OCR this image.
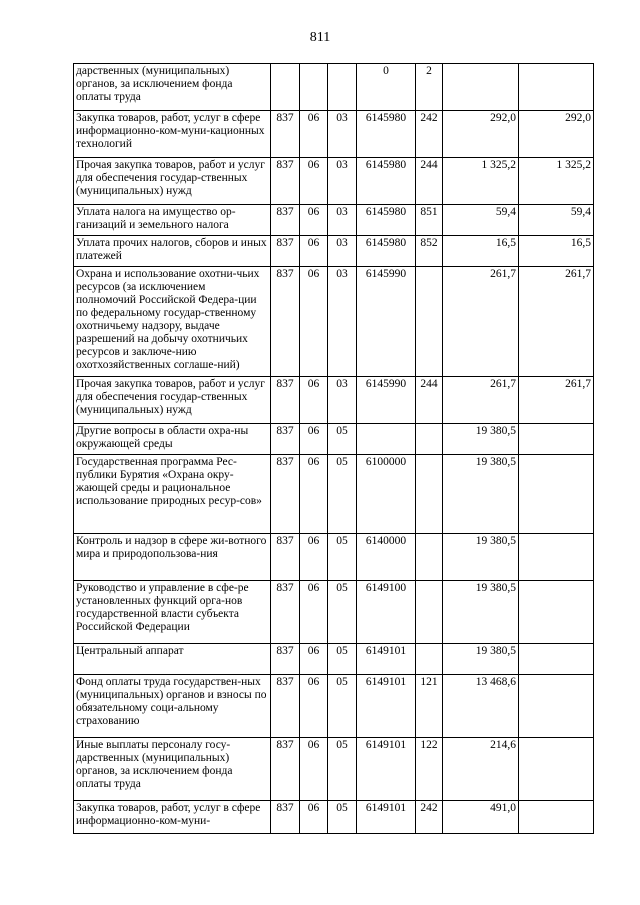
811
дарственных (муниципальных) органов, за исключением фонда оплаты труда				0	2		
Закупка товаров, работ, услуг в сфере информационно-ком-муни-кационных технологий	837	06	03	6145980	242	292,0	292,0
Прочая закупка товаров, работ и услуг для обеспечения государ-ственных (муниципальных) нужд	837	06	03	6145980	244	1 325,2	1 325,2
Уплата налога на имущество ор-ганизаций и земельного налога	837	06	03	6145980	851	59,4	59,4
Уплата прочих налогов, сборов и иных платежей	837	06	03	6145980	852	16,5	16,5
Охрана и использование охотни-чьих ресурсов (за исключением полномочий Российской Федера-ции по федеральному государ-ственному охотничьему надзору, выдаче разрешений на добычу охотничьих ресурсов и заключе-нию охотхозяйственных соглаше-ний)	837	06	03	6145990		261,7	261,7
Прочая закупка товаров, работ и услуг для обеспечения государ-ственных (муниципальных) нужд	837	06	03	6145990	244	261,7	261,7
Другие вопросы в области охра-ны окружающей среды	837	06	05			19 380,5	
Государственная программа Рес-публики Бурятия «Охрана окру-жающей среды и рациональное использование природных ресур-сов»	837	06	05	6100000		19 380,5	
Контроль и надзор в сфере жи-вотного мира и природопользова-ния	837	06	05	6140000		19 380,5	
Руководство и управление в сфе-ре установленных функций орга-нов государственной власти субъекта Российской Федерации	837	06	05	6149100		19 380,5	
Центральный аппарат	837	06	05	6149101		19 380,5	
Фонд оплаты труда государствен-ных (муниципальных) органов и взносы по обязательному соци-альному страхованию	837	06	05	6149101	121	13 468,6	
Иные выплаты персоналу госу-дарственных (муниципальных) органов, за исключением фонда оплаты труда	837	06	05	6149101	122	214,6	
Закупка товаров, работ, услуг в сфере информационно-ком-муни-	837	06	05	6149101	242	491,0	
